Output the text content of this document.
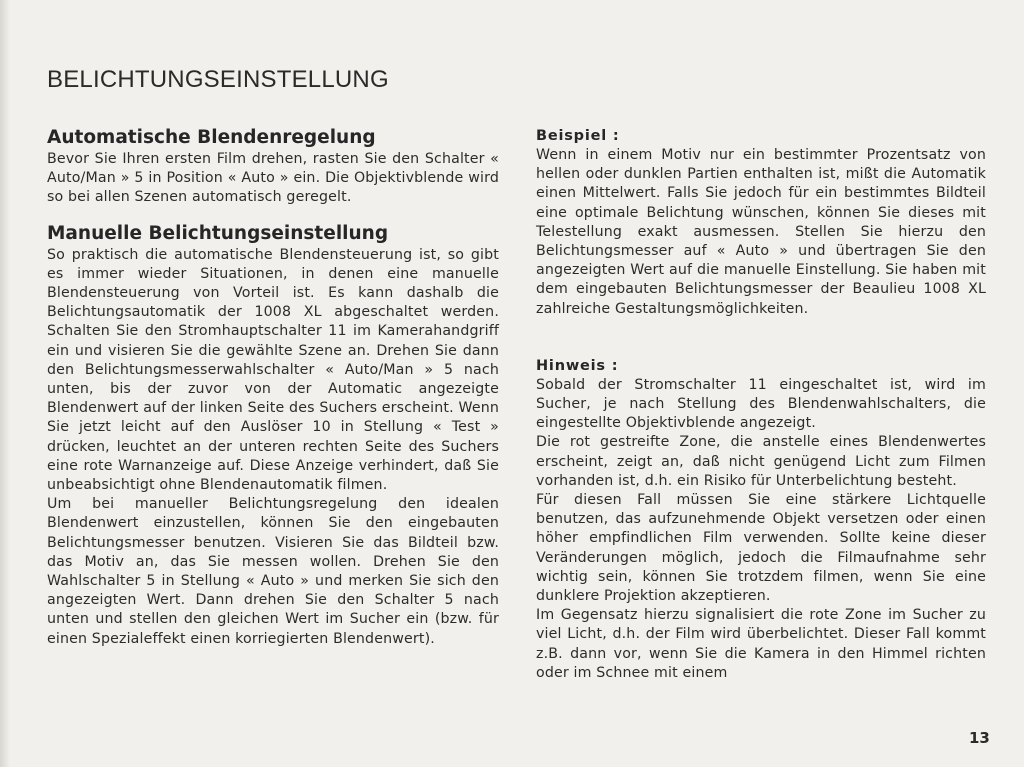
BELICHTUNGSEINSTELLUNG
Automatische Blendenregelung

Bevor Sie Ihren ersten Film drehen, rasten Sie den Schalter « Auto/Man » 5 in Position « Auto » ein. Die Objektivblende wird so bei allen Szenen automatisch geregelt.

Manuelle Belichtungseinstellung

So praktisch die automatische Blendensteuerung ist, so gibt es immer wieder Situationen, in denen eine manuelle Blendensteuerung von Vorteil ist. Es kann dashalb die Belichtungsautomatik der 1008 XL abgeschaltet werden. Schalten Sie den Stromhauptschalter 11 im Kamerahandgriff ein und visieren Sie die gewählte Szene an. Drehen Sie dann den Belichtungsmesserwahlschalter « Auto/Man » 5 nach unten, bis der zuvor von der Automatic angezeigte Blendenwert auf der linken Seite des Suchers erscheint. Wenn Sie jetzt leicht auf den Auslöser 10 in Stellung « Test » drücken, leuchtet an der unteren rechten Seite des Suchers eine rote Warnanzeige auf. Diese Anzeige verhindert, daß Sie unbeabsichtigt ohne Blendenautomatik filmen.

Um bei manueller Belichtungsregelung den idealen Blendenwert einzustellen, können Sie den eingebauten Belichtungsmesser benutzen. Visieren Sie das Bildteil bzw. das Motiv an, das Sie messen wollen. Drehen Sie den Wahlschalter 5 in Stellung « Auto » und merken Sie sich den angezeigten Wert. Dann drehen Sie den Schalter 5 nach unten und stellen den gleichen Wert im Sucher ein (bzw. für einen Spezialeffekt einen korriegierten Blendenwert).

Beispiel :

Wenn in einem Motiv nur ein bestimmter Prozentsatz von hellen oder dunklen Partien enthalten ist, mißt die Automatik einen Mittelwert. Falls Sie jedoch für ein bestimmtes Bildteil eine optimale Belichtung wünschen, können Sie dieses mit Telestellung exakt ausmessen. Stellen Sie hierzu den Belichtungsmesser auf « Auto » und übertragen Sie den angezeigten Wert auf die manuelle Einstellung. Sie haben mit dem eingebauten Belichtungsmesser der Beaulieu 1008 XL zahlreiche Gestaltungsmöglichkeiten.

Hinweis :

Sobald der Stromschalter 11 eingeschaltet ist, wird im Sucher, je nach Stellung des Blendenwahlschalters, die eingestellte Objektivblende angezeigt.

Die rot gestreifte Zone, die anstelle eines Blendenwertes erscheint, zeigt an, daß nicht genügend Licht zum Filmen vorhanden ist, d.h. ein Risiko für Unterbelichtung besteht.

Für diesen Fall müssen Sie eine stärkere Lichtquelle benutzen, das aufzunehmende Objekt versetzen oder einen höher empfindlichen Film verwenden. Sollte keine dieser Veränderungen möglich, jedoch die Filmaufnahme sehr wichtig sein, können Sie trotzdem filmen, wenn Sie eine dunklere Projektion akzeptieren.

Im Gegensatz hierzu signalisiert die rote Zone im Sucher zu viel Licht, d.h. der Film wird überbelichtet. Dieser Fall kommt z.B. dann vor, wenn Sie die Kamera in den Himmel richten oder im Schnee mit einem

13
